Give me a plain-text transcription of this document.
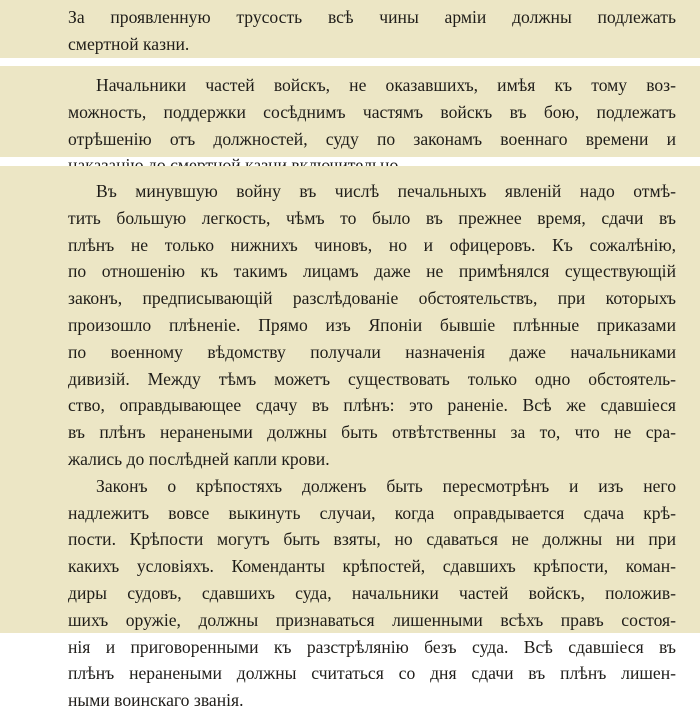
За проявленную трусость всѣ чины арміи должны подлежать
смертной казни.

Начальники частей войскъ, не оказавшихъ, имѣя къ тому воз-
можность, поддержки сосѣднимъ частямъ войскъ въ бою, подлежатъ
отрѣшенію отъ должностей, суду по законамъ военнаго времени и

Въ минувшую войну въ числѣ печальныхъ явленій надо отмѣ-
тить большую легкость, чѣмъ то было въ прежнее время, сдачи въ
плѣнъ не только нижнихъ чиновъ, но и офицеровъ. Къ сожалѣнію,
по отношенію къ такимъ лицамъ даже не примѣнялся существующій
законъ, предписывающій разслѣдованіе обстоятельствъ, при которыхъ
произошло плѣненіе. Прямо изъ Японіи бывшіе плѣнные приказами
по военному вѣдомству получали назначенія даже начальниками
дивизій. Между тѣмъ можетъ существовать только одно обстоятель-
ство, оправдывающее сдачу въ плѣнъ: это раненіе. Всѣ же сдавшіеся
въ плѣнъ неранеными должны быть отвѣтственны за то, что не сра-
жались до послѣдней капли крови.

Законъ о крѣпостяхъ долженъ быть пересмотрѣнъ и изъ него
надлежитъ вовсе выкинуть случаи, когда оправдывается сдача крѣ-
пости. Крѣпости могутъ быть взяты, но сдаваться не должны ни при
какихъ условіяхъ. Коменданты крѣпостей, сдавшихъ крѣпости, коман-
диры судовъ, сдавшихъ суда, начальники частей войскъ, положив-
шихъ оружіе, должны признаваться лишенными всѣхъ правъ состоя-
нія и приговоренными къ разстрѣлянію безъ суда. Всѣ сдавшіеся въ
плѣнъ неранеными должны считаться со дня сдачи въ плѣнъ лишен-
ными воинскаго званія.
